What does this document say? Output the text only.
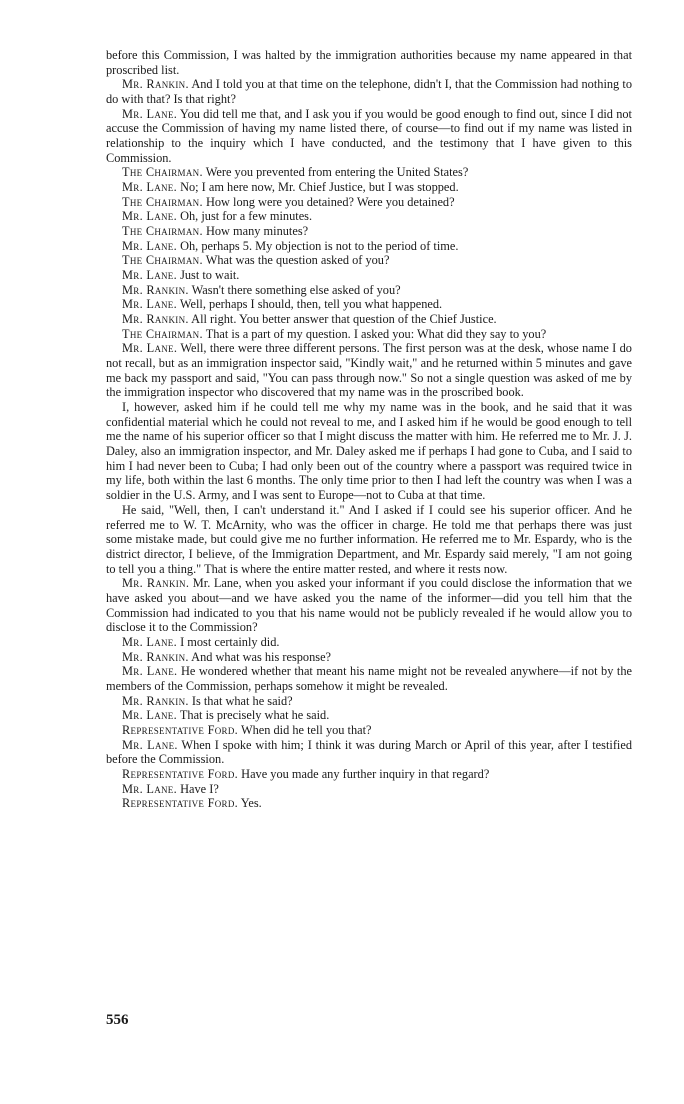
before this Commission, I was halted by the immigration authorities because my name appeared in that proscribed list.

Mr. Rankin. And I told you at that time on the telephone, didn't I, that the Commission had nothing to do with that? Is that right?

Mr. Lane. You did tell me that, and I ask you if you would be good enough to find out, since I did not accuse the Commission of having my name listed there, of course—to find out if my name was listed in relationship to the inquiry which I have conducted, and the testimony that I have given to this Commission.

The Chairman. Were you prevented from entering the United States?

Mr. Lane. No; I am here now, Mr. Chief Justice, but I was stopped.

The Chairman. How long were you detained? Were you detained?

Mr. Lane. Oh, just for a few minutes.

The Chairman. How many minutes?

Mr. Lane. Oh, perhaps 5. My objection is not to the period of time.

The Chairman. What was the question asked of you?

Mr. Lane. Just to wait.

Mr. Rankin. Wasn't there something else asked of you?

Mr. Lane. Well, perhaps I should, then, tell you what happened.

Mr. Rankin. All right. You better answer that question of the Chief Justice.

The Chairman. That is a part of my question. I asked you: What did they say to you?

Mr. Lane. Well, there were three different persons. The first person was at the desk, whose name I do not recall, but as an immigration inspector said, "Kindly wait," and he returned within 5 minutes and gave me back my passport and said, "You can pass through now." So not a single question was asked of me by the immigration inspector who discovered that my name was in the proscribed book.

I, however, asked him if he could tell me why my name was in the book, and he said that it was confidential material which he could not reveal to me, and I asked him if he would be good enough to tell me the name of his superior officer so that I might discuss the matter with him. He referred me to Mr. J. J. Daley, also an immigration inspector, and Mr. Daley asked me if perhaps I had gone to Cuba, and I said to him I had never been to Cuba; I had only been out of the country where a passport was required twice in my life, both within the last 6 months. The only time prior to then I had left the country was when I was a soldier in the U.S. Army, and I was sent to Europe—not to Cuba at that time.

He said, "Well, then, I can't understand it." And I asked if I could see his superior officer. And he referred me to W. T. McArnity, who was the officer in charge. He told me that perhaps there was just some mistake made, but could give me no further information. He referred me to Mr. Espardy, who is the district director, I believe, of the Immigration Department, and Mr. Espardy said merely, "I am not going to tell you a thing." That is where the entire matter rested, and where it rests now.

Mr. Rankin. Mr. Lane, when you asked your informant if you could disclose the information that we have asked you about—and we have asked you the name of the informer—did you tell him that the Commission had indicated to you that his name would not be publicly revealed if he would allow you to disclose it to the Commission?

Mr. Lane. I most certainly did.

Mr. Rankin. And what was his response?

Mr. Lane. He wondered whether that meant his name might not be revealed anywhere—if not by the members of the Commission, perhaps somehow it might be revealed.

Mr. Rankin. Is that what he said?

Mr. Lane. That is precisely what he said.

Representative Ford. When did he tell you that?

Mr. Lane. When I spoke with him; I think it was during March or April of this year, after I testified before the Commission.

Representative Ford. Have you made any further inquiry in that regard?

Mr. Lane. Have I?

Representative Ford. Yes.

556
